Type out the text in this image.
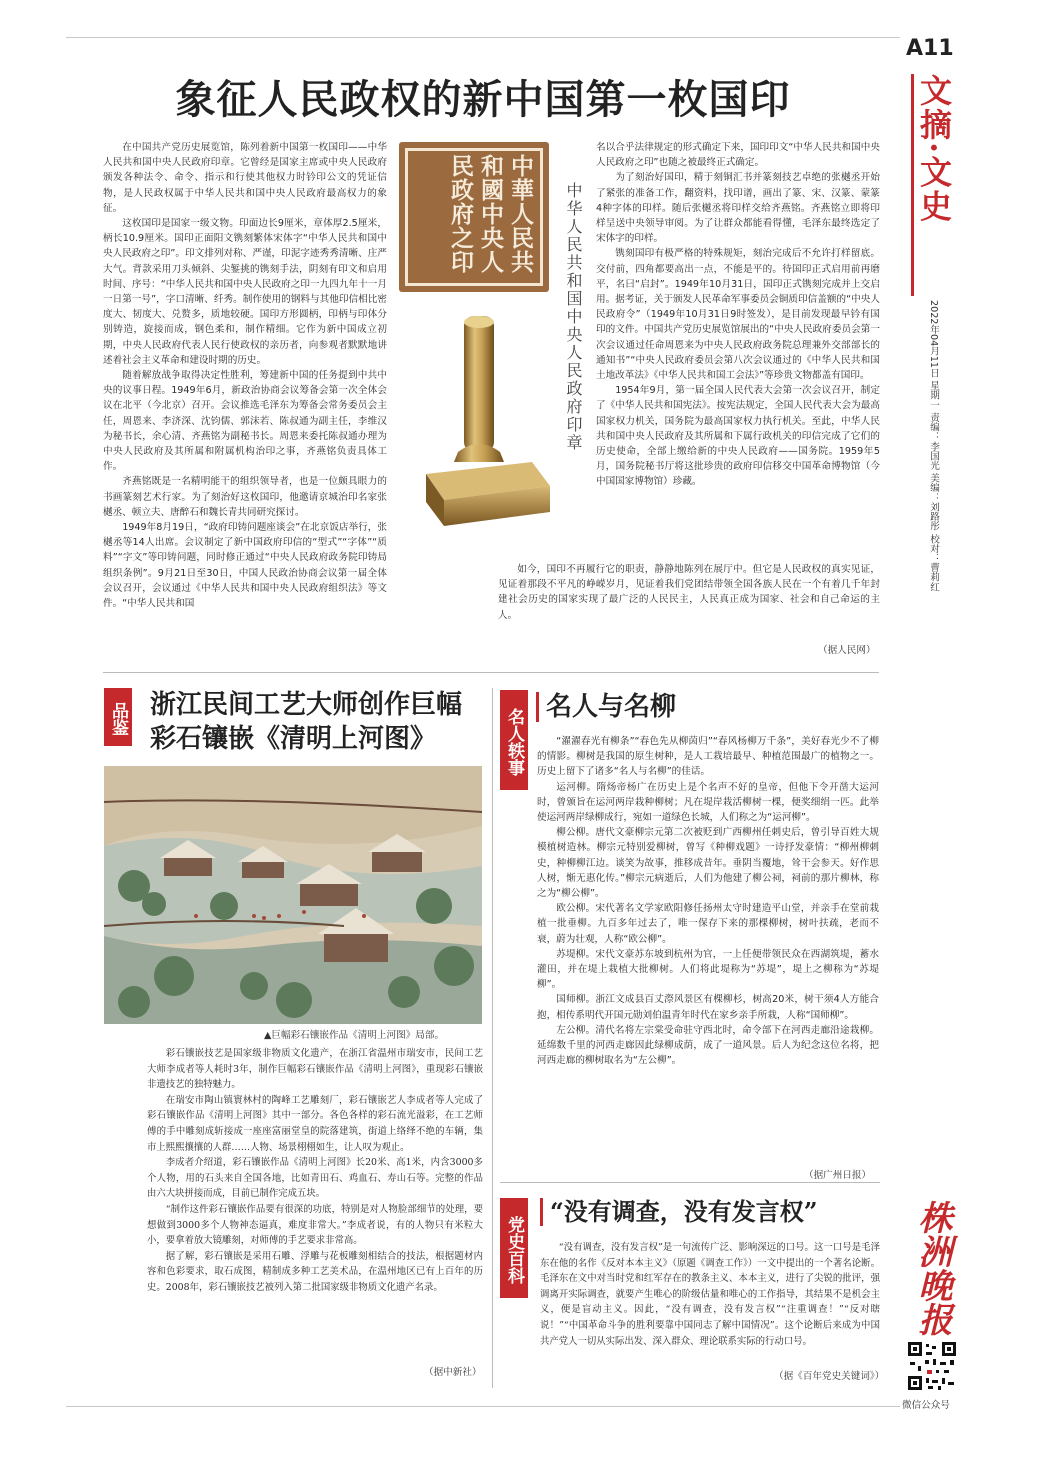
A11
文摘·文史
2022年04月11日 星期一 责编：李国光 美编：刘路彤 校对：曹莉红
株洲晚报
微信公众号
象征人民政权的新中国第一枚国印

在中国共产党历史展览馆，陈列着新中国第一枚国印——中华人民共和国中央人民政府印章。它曾经是国家主席或中央人民政府颁发各种法令、命令、指示和行使其他权力时钤印公文的凭证信物，是人民政权属于中华人民共和国中央人民政府最高权力的象征。

这枚国印是国家一级文物。印面边长9厘米，章体厚2.5厘米，柄长10.9厘米。国印正面阳文镌刻繁体宋体字“中华人民共和国中央人民政府之印”。印文排列对称、严谨，印泥字迹秀秀清晰、庄严大气。背款采用刀头倾斜、尖錾挑的镌刻手法，阴刻有印文和启用时间、序号：“中华人民共和国中央人民政府之印一九四九年十一月一日第一号”，字口清晰、纤秀。制作使用的钢料与其他印信相比密度大、韧度大、兑赘多，质地较硬。国印方形圆柄，印柄与印体分别铸造，旋接而成，钢色柔和，制作精细。它作为新中国成立初期，中央人民政府代表人民行使政权的亲历者，向参观者默默地讲述着社会主义革命和建设时期的历史。

随着解放战争取得决定性胜利，筹建新中国的任务提到中共中央的议事日程。1949年6月，新政治协商会议筹备会第一次全体会议在北平（今北京）召开。会议推选毛泽东为筹备会常务委员会主任，周恩来、李济深、沈钧儒、郭沫若、陈叔通为副主任，李维汉为秘书长，余心清、齐燕铭为副秘书长。周恩来委托陈叔通办理为中央人民政府及其所属和附属机构治印之事，齐燕铭负责具体工作。

齐燕铭既是一名精明能干的组织领导者，也是一位颇具眼力的书画篆刻艺术行家。为了刻治好这枚国印，他邀请京城治印名家张樾丞、顿立夫、唐醉石和魏长青共同研究探讨。

1949年8月19日，“政府印铸问题座谈会”在北京饭店举行，张樾丞等14人出席。会议制定了新中国政府印信的“型式”“字体”“质料”“字文”等印铸问题，同时修正通过“中央人民政府政务院印铸局组织条例”。9月21日至30日，中国人民政治协商会议第一届全体会议召开，会议通过《中华人民共和国中央人民政府组织法》等文件。“中华人民共和国

中華人民共和國中央人民政府之印	中华人民共和国中央人民政府印章

名以合乎法律规定的形式确定下来，国印印文“中华人民共和国中央人民政府之印”也随之被最终正式确定。

为了刻治好国印，精于刻铜汇书并篆刻技艺卓绝的张樾丞开始了紧张的准备工作，翻资料，找印谱，画出了篆、宋、汉篆、蒙篆4种字体的印样。随后张樾丞将印样交给齐燕铭。齐燕铭立即将印样呈送中央领导审阅。为了让群众都能看得懂，毛泽东最终选定了宋体字的印样。

镌刻国印有极严格的特殊规矩，刻治完成后不允许打样留底。交付前，四角都要高出一点，不能是平的。待国印正式启用前再磨平，名曰“启封”。1949年10月31日，国印正式镌刻完成并上交启用。据考证，关于颁发人民革命军事委员会铜质印信盖额的“中央人民政府令”（1949年10月31日9时签发），是目前发现最早钤有国印的文件。中国共产党历史展览馆展出的“中央人民政府委员会第一次会议通过任命周恩来为中央人民政府政务院总理兼外交部部长的通知书”“中央人民政府委员会第八次会议通过的《中华人民共和国土地改革法》《中华人民共和国工会法》”等珍贵文物都盖有国印。

1954年9月，第一届全国人民代表大会第一次会议召开，制定了《中华人民共和国宪法》。按宪法规定，全国人民代表大会为最高国家权力机关，国务院为最高国家权力执行机关。至此，中华人民共和国中央人民政府及其所属和下属行政机关的印信完成了它们的历史使命，全部上缴给新的中央人民政府——国务院。1959年5月，国务院秘书厅将这批珍贵的政府印信移交中国革命博物馆（今中国国家博物馆）珍藏。

如今，国印不再履行它的职责，静静地陈列在展厅中。但它是人民政权的真实见证，见证着那段不平凡的峥嵘岁月，见证着我们党团结带领全国各族人民在一个有着几千年封建社会历史的国家实现了最广泛的人民民主，人民真正成为国家、社会和自己命运的主人。

（据人民网）
品鉴 浙江民间工艺大师创作巨幅
彩石镶嵌《清明上河图》
▲巨幅彩石镶嵌作品《清明上河图》局部。

彩石镶嵌技艺是国家级非物质文化遗产，在浙江省温州市瑞安市，民间工艺大师李成者等人耗时3年，制作巨幅彩石镶嵌作品《清明上河图》，重现彩石镶嵌非遗技艺的独特魅力。

在瑞安市陶山镇寰林村的陶峰工艺雕刻厂，彩石镶嵌艺人李成者等人完成了彩石镶嵌作品《清明上河图》其中一部分。各色各样的彩石流光溢彩，在工艺师傅的手中雕刻成斩接成一座座富丽堂皇的院落建筑，街道上络绎不绝的车辆，集市上熙熙攘攘的人群……人物、场景栩栩如生，让人叹为观止。

李成者介绍道，彩石镶嵌作品《清明上河图》长20米、高1米，内含3000多个人物，用的石头来自全国各地，比如青田石、鸡血石、寿山石等。完整的作品由六大块拼接而成，目前已制作完成五块。

“制作这件彩石镶嵌作品要有很深的功底，特别是对人物脸部细节的处理，要想做到3000多个人物神态逼真，难度非常大。”李成者说，有的人物只有米粒大小，要拿着放大镜雕刻，对师傅的手艺要求非常高。

据了解，彩石镶嵌是采用石雕、浮雕与花板雕刻相结合的技法，根据题材内容和色彩要求，取石成图，精制成多种工艺美术品，在温州地区已有上百年的历史。2008年，彩石镶嵌技艺被列入第二批国家级非物质文化遗产名录。

（据中新社）
名人轶事
名人与名柳

“濯濯春光有柳条”“春色先从柳茵归”“春风杨柳万千条”，美好春光少不了柳的情影。柳树是我国的原生树种，是人工栽培最早、种植范围最广的植物之一。历史上留下了诸多“名人与名柳”的佳话。

运河柳。隋炀帝杨广在历史上是个名声不好的皇帝，但他下令开凿大运河时，曾颁旨在运河两岸栽种柳树；凡在堤岸栽活柳树一棵，便奖细绢一匹。此举使运河两岸绿柳成行，宛如一道绿色长城，人们称之为“运河柳”。

柳公柳。唐代文豪柳宗元第二次被贬到广西柳州任刺史后，曾引导百姓大规模植树造林。柳宗元特别爱柳树，曾写《种柳戏题》一诗抒发豪情：“柳州柳刺史，种柳柳江边。谈笑为故事，推移成昔年。垂阴当覆地，耸干会参天。好作思人树，惭无惠化传。”柳宗元病逝后，人们为他建了柳公祠，祠前的那片柳林，称之为“柳公柳”。

欧公柳。宋代著名文学家欧阳修任扬州太守时建造平山堂，并亲手在堂前栽植一批垂柳。九百多年过去了，唯一保存下来的那棵柳树，树叶扶疏，老而不衰，蔚为壮观，人称“欧公柳”。

苏堤柳。宋代文豪苏东坡到杭州为官，一上任便带领民众在西湖筑堤，蓄水灌田，并在堤上栽植大批柳树。人们将此堤称为“苏堤”，堤上之柳称为“苏堤柳”。

国师柳。浙江文成县百丈漈风景区有棵柳杉，树高20米，树干须4人方能合抱，相传系明代开国元勋刘伯温青年时代在家乡亲手所栽，人称“国师柳”。

左公柳。清代名将左宗棠受命驻守西北时，命令部下在河西走廊沿途栽柳。延绵数千里的河西走廊因此绿柳成荫，成了一道风景。后人为纪念这位名将，把河西走廊的柳树取名为“左公柳”。

（据广州日报）
党史百科
“没有调查，没有发言权”

“没有调查，没有发言权”是一句流传广泛、影响深远的口号。这一口号是毛泽东在他的名作《反对本本主义》（原题《调查工作》）一文中提出的一个著名论断。毛泽东在文中对当时党和红军存在的教条主义、本本主义，进行了尖锐的批评，强调离开实际调查，就要产生唯心的阶级估量和唯心的工作指导，其结果不是机会主义，便是盲动主义。因此，“没有调查，没有发言权”“注重调查！”“反对瞎说！”“中国革命斗争的胜利要靠中国同志了解中国情况”。这个论断后来成为中国共产党人一切从实际出发、深入群众、理论联系实际的行动口号。

（据《百年党史关键词》）
